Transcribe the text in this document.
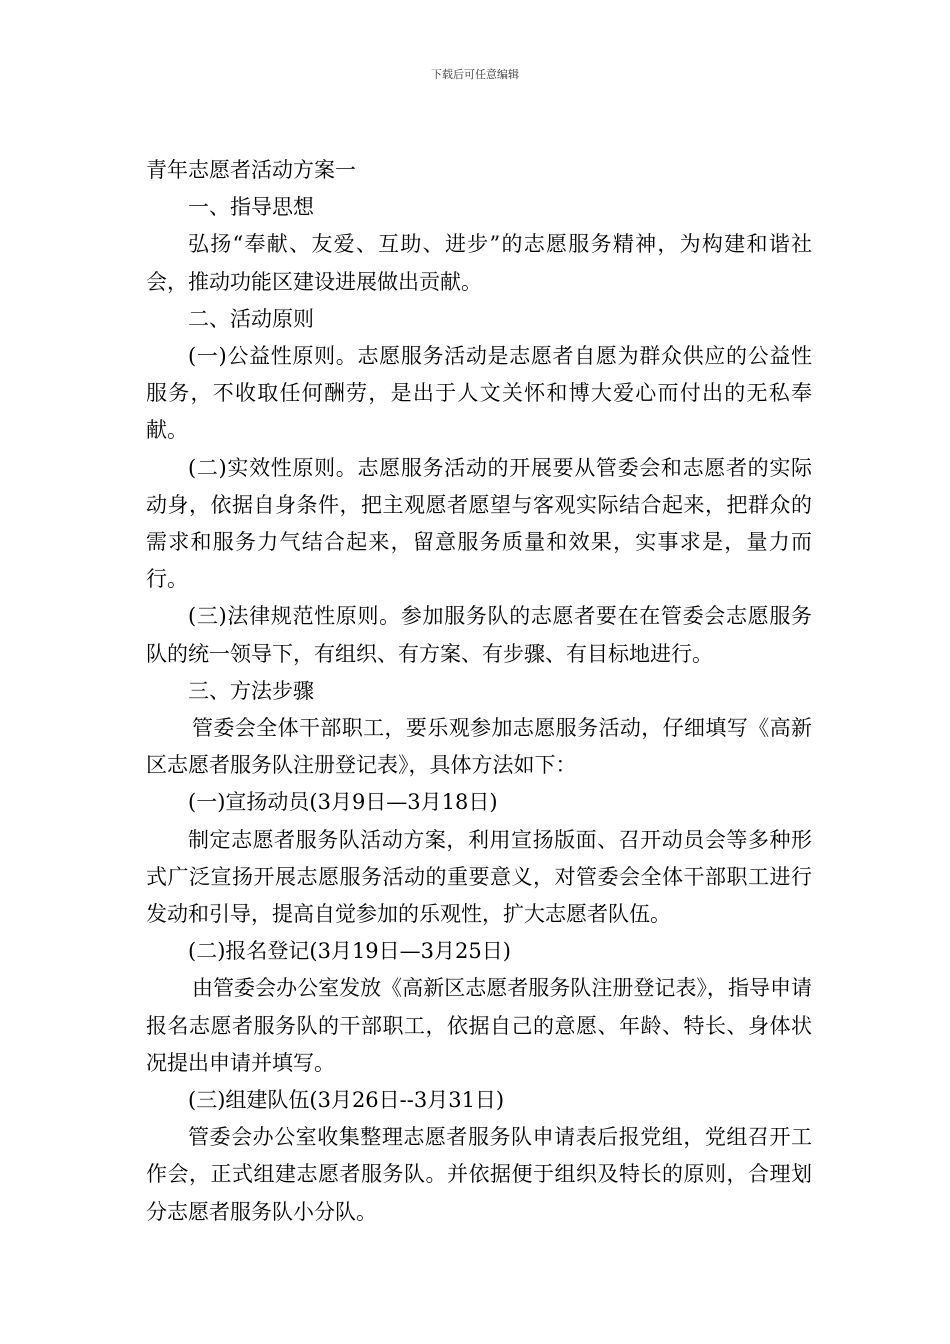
下载后可任意编辑

青年志愿者活动方案一

一、指导思想

弘扬“奉献、友爱、互助、进步”的志愿服务精神，为构建和谐社会，推动功能区建设进展做出贡献。

二、活动原则

(一)公益性原则。志愿服务活动是志愿者自愿为群众供应的公益性服务，不收取任何酬劳，是出于人文关怀和博大爱心而付出的无私奉献。

(二)实效性原则。志愿服务活动的开展要从管委会和志愿者的实际动身，依据自身条件，把主观愿者愿望与客观实际结合起来，把群众的需求和服务力气结合起来，留意服务质量和效果，实事求是，量力而行。

(三)法律规范性原则。参加服务队的志愿者要在在管委会志愿服务队的统一领导下，有组织、有方案、有步骤、有目标地进行。

三、方法步骤

管委会全体干部职工，要乐观参加志愿服务活动，仔细填写《高新区志愿者服务队注册登记表》，具体方法如下：

(一)宣扬动员(3月9日—3月18日)

制定志愿者服务队活动方案，利用宣扬版面、召开动员会等多种形式广泛宣扬开展志愿服务活动的重要意义，对管委会全体干部职工进行发动和引导，提高自觉参加的乐观性，扩大志愿者队伍。

(二)报名登记(3月19日—3月25日)

由管委会办公室发放《高新区志愿者服务队注册登记表》，指导申请报名志愿者服务队的干部职工，依据自己的意愿、年龄、特长、身体状况提出申请并填写。

(三)组建队伍(3月26日--3月31日)

管委会办公室收集整理志愿者服务队申请表后报党组，党组召开工作会，正式组建志愿者服务队。并依据便于组织及特长的原则，合理划分志愿者服务队小分队。
